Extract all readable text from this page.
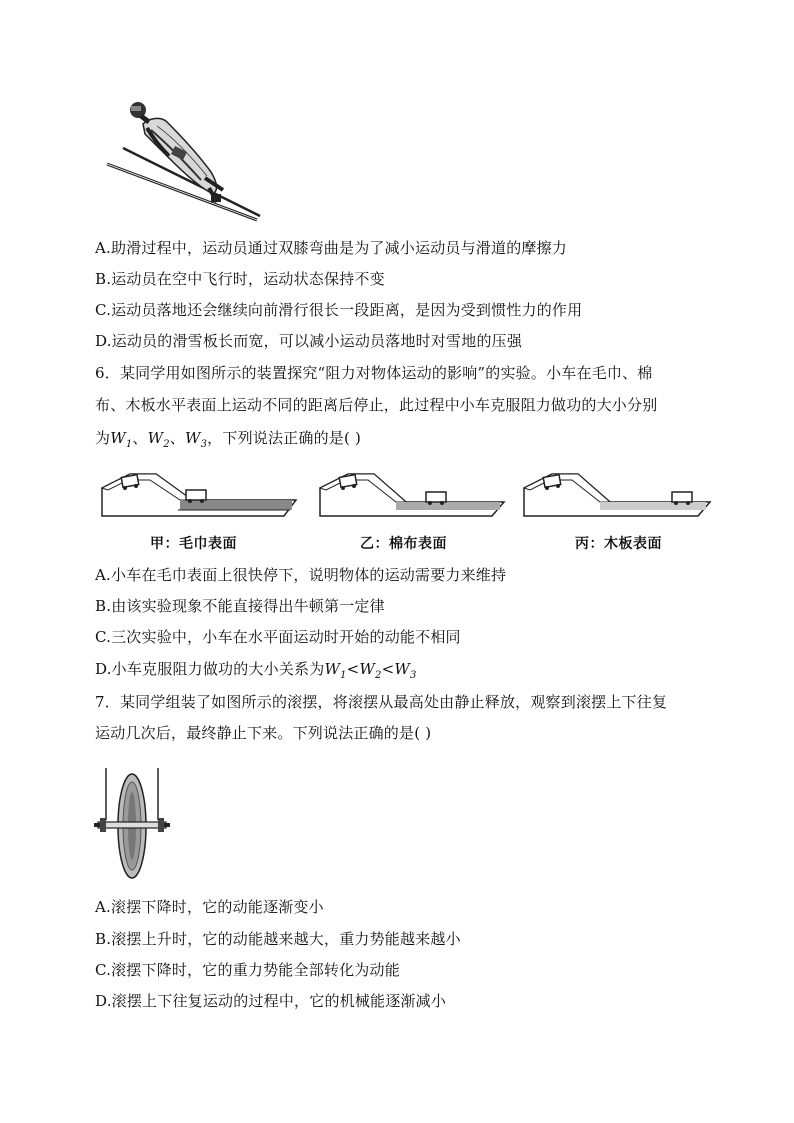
A.助滑过程中，运动员通过双膝弯曲是为了减小运动员与滑道的摩擦力
B.运动员在空中飞行时，运动状态保持不变
C.运动员落地还会继续向前滑行很长一段距离，是因为受到惯性力的作用
D.运动员的滑雪板长而宽，可以减小运动员落地时对雪地的压强
6．某同学用如图所示的装置探究“阻力对物体运动的影响”的实验。小车在毛巾、棉
布、木板水平表面上运动不同的距离后停止，此过程中小车克服阻力做功的大小分别
为$W_1$、$W_2$、$W_3$，下列说法正确的是( )
甲：毛巾表面	乙：棉布表面	丙：木板表面
A.小车在毛巾表面上很快停下，说明物体的运动需要力来维持
B.由该实验现象不能直接得出牛顿第一定律
C.三次实验中，小车在水平面运动时开始的动能不相同
D.小车克服阻力做功的大小关系为$W_1<W_2<W_3$
7．某同学组装了如图所示的滚摆，将滚摆从最高处由静止释放，观察到滚摆上下往复
运动几次后，最终静止下来。下列说法正确的是( )
A.滚摆下降时，它的动能逐渐变小
B.滚摆上升时，它的动能越来越大，重力势能越来越小
C.滚摆下降时，它的重力势能全部转化为动能
D.滚摆上下往复运动的过程中，它的机械能逐渐减小
